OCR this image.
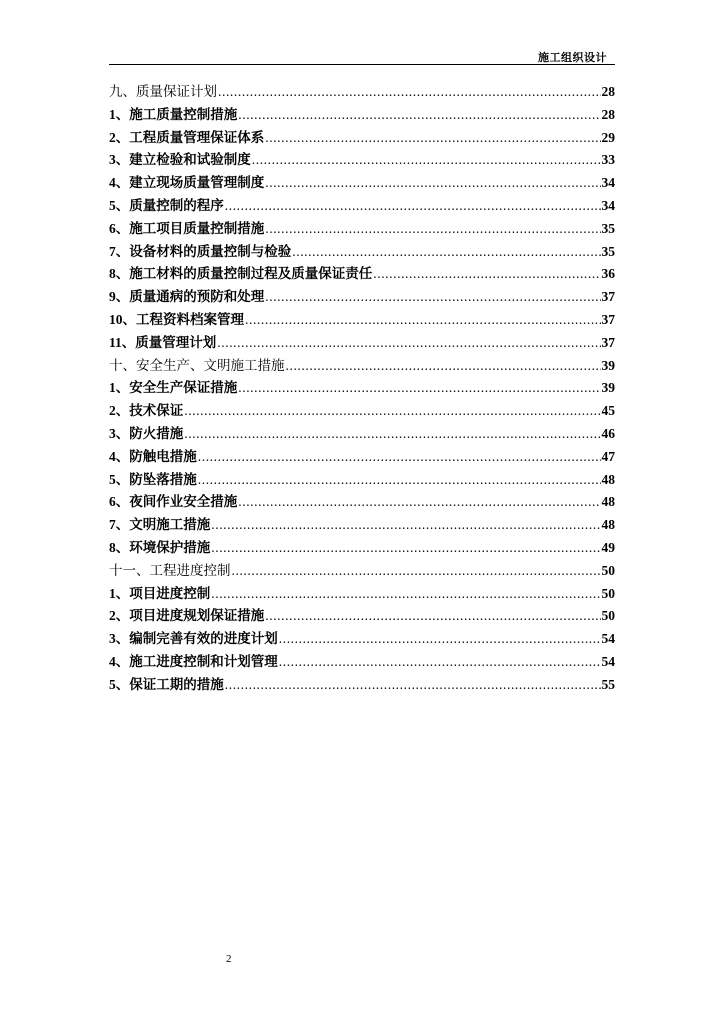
施工组织设计
九、质量保证计划 .....	28
1、施工质量控制措施 .....	28
2、工程质量管理保证体系 .....	29
3、建立检验和试验制度 .....	33
4、建立现场质量管理制度 .....	34
5、质量控制的程序 .....	34
6、施工项目质量控制措施 .....	35
7、设备材料的质量控制与检验 .....	35
8、施工材料的质量控制过程及质量保证责任 .....	36
9、质量通病的预防和处理 .....	37
10、工程资料档案管理 .....	37
11、质量管理计划 .....	37
十、安全生产、文明施工措施 .....	39
1、安全生产保证措施 .....	39
2、技术保证 .....	45
3、防火措施 .....	46
4、防触电措施 .....	47
5、防坠落措施 .....	48
6、夜间作业安全措施 .....	48
7、文明施工措施 .....	48
8、环境保护措施 .....	49
十一、工程进度控制 .....	50
1、项目进度控制 .....	50
2、项目进度规划保证措施 .....	50
3、编制完善有效的进度计划 .....	54
4、施工进度控制和计划管理 .....	54
5、保证工期的措施 .....	55
2
